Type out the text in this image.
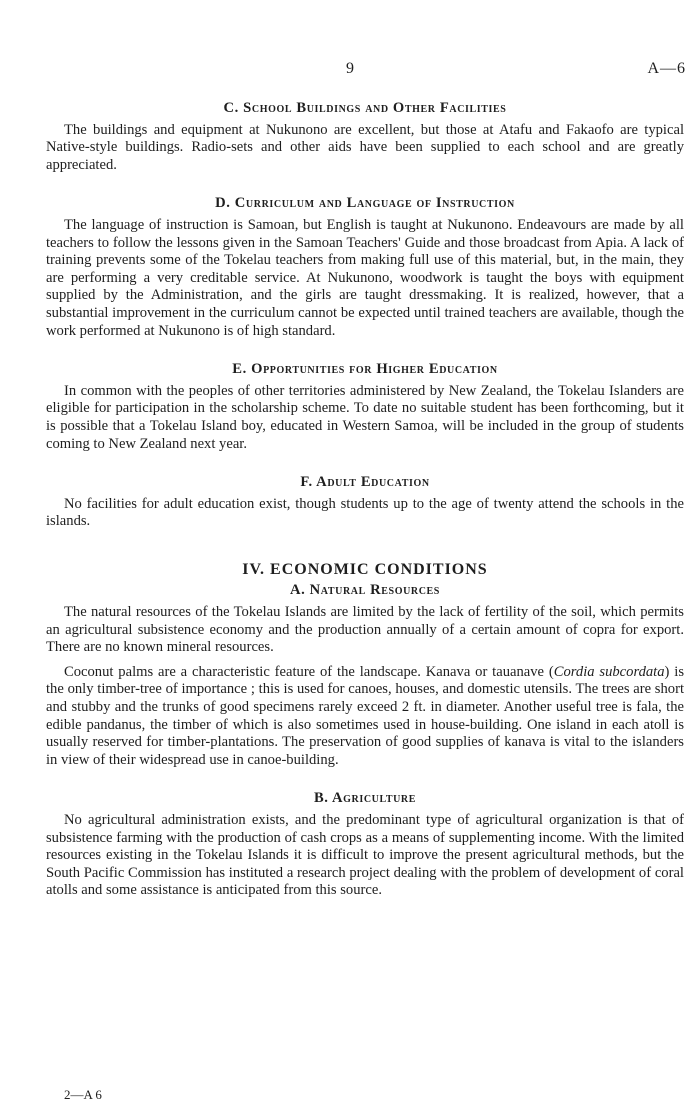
9	A—6
C. School Buildings and Other Facilities

The buildings and equipment at Nukunono are excellent, but those at Atafu and Fakaofo are typical Native-style buildings. Radio-sets and other aids have been supplied to each school and are greatly appreciated.

D. Curriculum and Language of Instruction

The language of instruction is Samoan, but English is taught at Nukunono. Endeavours are made by all teachers to follow the lessons given in the Samoan Teachers' Guide and those broadcast from Apia. A lack of training prevents some of the Tokelau teachers from making full use of this material, but, in the main, they are performing a very creditable service. At Nukunono, woodwork is taught the boys with equipment supplied by the Administration, and the girls are taught dressmaking. It is realized, however, that a substantial improvement in the curriculum cannot be expected until trained teachers are available, though the work performed at Nukunono is of high standard.

E. Opportunities for Higher Education

In common with the peoples of other territories administered by New Zealand, the Tokelau Islanders are eligible for participation in the scholarship scheme. To date no suitable student has been forthcoming, but it is possible that a Tokelau Island boy, educated in Western Samoa, will be included in the group of students coming to New Zealand next year.

F. Adult Education

No facilities for adult education exist, though students up to the age of twenty attend the schools in the islands.

IV. ECONOMIC CONDITIONS
A. Natural Resources

The natural resources of the Tokelau Islands are limited by the lack of fertility of the soil, which permits an agricultural subsistence economy and the production annually of a certain amount of copra for export. There are no known mineral resources.

Coconut palms are a characteristic feature of the landscape. Kanava or tauanave (Cordia subcordata) is the only timber-tree of importance ; this is used for canoes, houses, and domestic utensils. The trees are short and stubby and the trunks of good specimens rarely exceed 2 ft. in diameter. Another useful tree is fala, the edible pandanus, the timber of which is also sometimes used in house-building. One island in each atoll is usually reserved for timber-plantations. The preservation of good supplies of kanava is vital to the islanders in view of their widespread use in canoe-building.

B. Agriculture

No agricultural administration exists, and the predominant type of agricultural organization is that of subsistence farming with the production of cash crops as a means of supplementing income. With the limited resources existing in the Tokelau Islands it is difficult to improve the present agricultural methods, but the South Pacific Commission has instituted a research project dealing with the problem of development of coral atolls and some assistance is anticipated from this source.

2—A 6
